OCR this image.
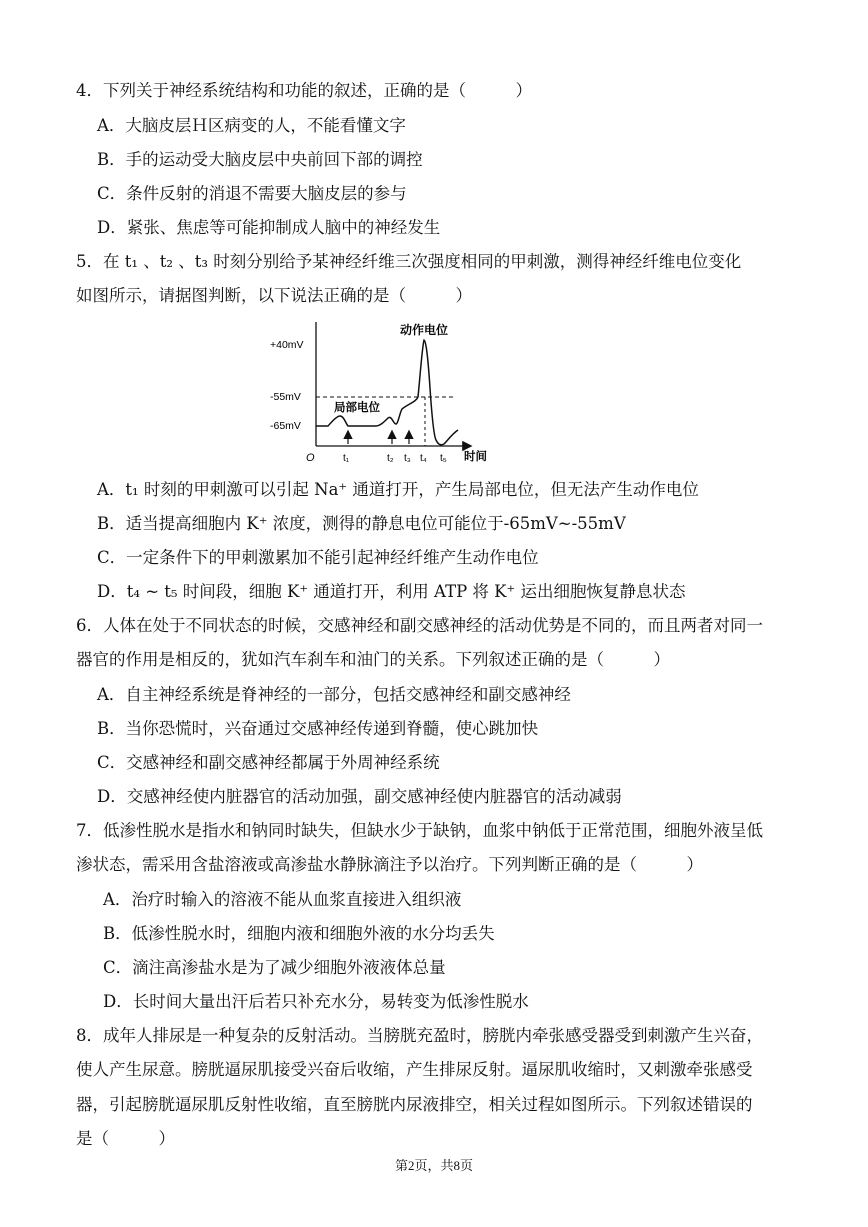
4．下列关于神经系统结构和功能的叙述，正确的是（　　　）
A．大脑皮层Ｈ区病变的人，不能看懂文字
B．手的运动受大脑皮层中央前回下部的调控
C．条件反射的消退不需要大脑皮层的参与
D．紧张、焦虑等可能抑制成人脑中的神经发生
5．在 t₁ 、t₂ 、t₃ 时刻分别给予某神经纤维三次强度相同的甲刺激，测得神经纤维电位变化
如图所示，请据图判断，以下说法正确的是（　　　）
动作电位
+40mV
-55mV
-65mV
局部电位
O	t₁	t₂ t₃ t₄ t₅ 时间
A．t₁ 时刻的甲刺激可以引起 Na⁺ 通道打开，产生局部电位，但无法产生动作电位
B．适当提高细胞内 K⁺ 浓度，测得的静息电位可能位于-65mV~-55mV
C．一定条件下的甲刺激累加不能引起神经纤维产生动作电位
D．t₄ ~ t₅ 时间段，细胞 K⁺ 通道打开，利用 ATP 将 K⁺ 运出细胞恢复静息状态
6．人体在处于不同状态的时候，交感神经和副交感神经的活动优势是不同的，而且两者对同一
器官的作用是相反的，犹如汽车刹车和油门的关系。下列叙述正确的是（　　　）
A．自主神经系统是脊神经的一部分，包括交感神经和副交感神经
B．当你恐慌时，兴奋通过交感神经传递到脊髓，使心跳加快
C．交感神经和副交感神经都属于外周神经系统
D．交感神经使内脏器官的活动加强，副交感神经使内脏器官的活动减弱
7．低渗性脱水是指水和钠同时缺失，但缺水少于缺钠，血浆中钠低于正常范围，细胞外液呈低
渗状态，需采用含盐溶液或高渗盐水静脉滴注予以治疗。下列判断正确的是（　　　）
A．治疗时输入的溶液不能从血浆直接进入组织液
B．低渗性脱水时，细胞内液和细胞外液的水分均丢失
C．滴注高渗盐水是为了减少细胞外液液体总量
D．长时间大量出汗后若只补充水分，易转变为低渗性脱水
8．成年人排尿是一种复杂的反射活动。当膀胱充盈时，膀胱内牵张感受器受到刺激产生兴奋，
使人产生尿意。膀胱逼尿肌接受兴奋后收缩，产生排尿反射。逼尿肌收缩时，又刺激牵张感受
器，引起膀胱逼尿肌反射性收缩，直至膀胱内尿液排空，相关过程如图所示。下列叙述错误的
是（　　　）
第2页，共8页
